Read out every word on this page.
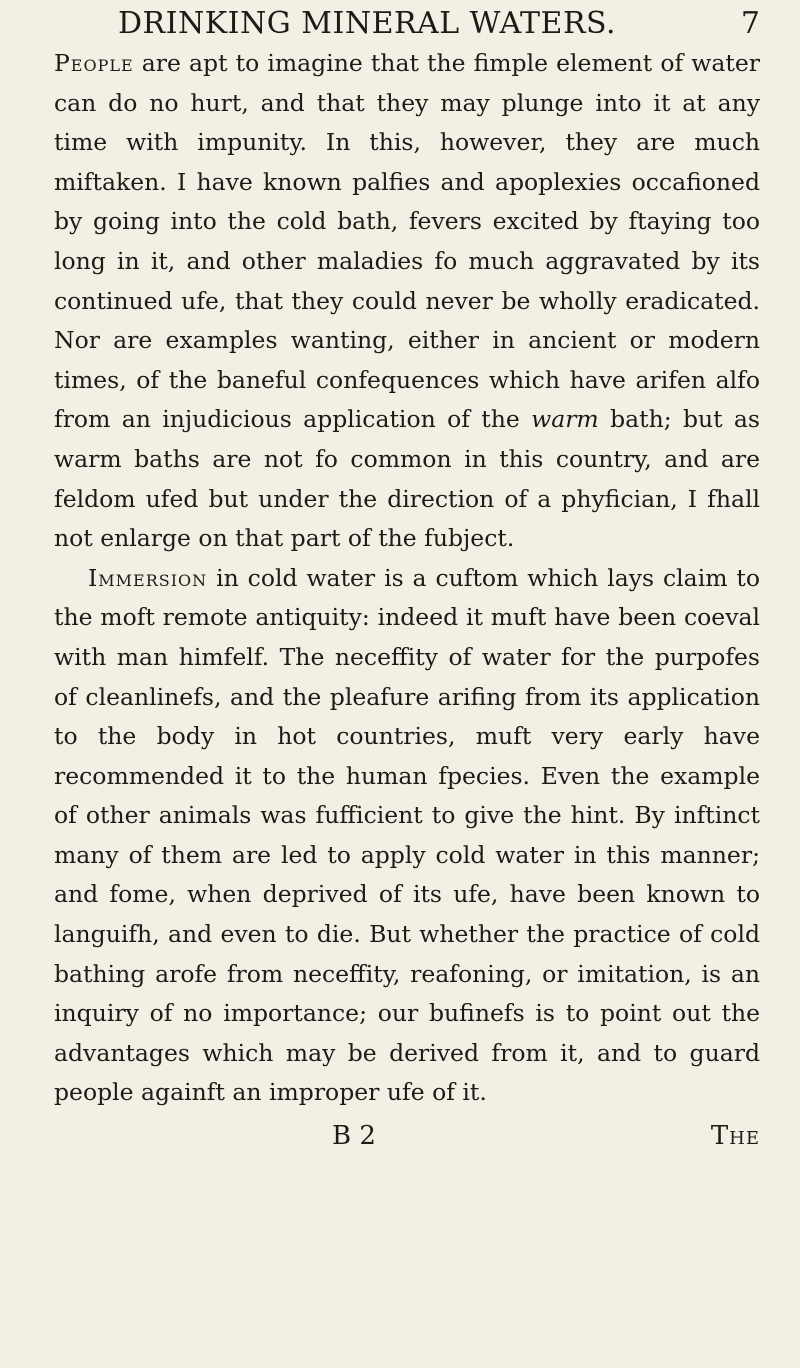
DRINKING MINERAL WATERS.	7

People are apt to imagine that the fimple element of water can do no hurt, and that they may plunge into it at any time with impunity. In this, however, they are much miftaken. I have known palfies and apoplexies occafioned by going into the cold bath, fevers excited by ftaying too long in it, and other maladies fo much aggravated by its continued ufe, that they could never be wholly eradicated. Nor are examples wanting, either in ancient or modern times, of the baneful confequences which have arifen alfo from an injudicious application of the warm bath; but as warm baths are not fo common in this country, and are feldom ufed but under the direction of a phyfician, I fhall not enlarge on that part of the fubject.

Immersion in cold water is a cuftom which lays claim to the moft remote antiquity: indeed it muft have been coeval with man himfelf. The neceffity of water for the purpofes of cleanlinefs, and the pleafure arifing from its application to the body in hot countries, muft very early have recommended it to the human fpecies. Even the example of other animals was fufficient to give the hint. By inftinct many of them are led to apply cold water in this manner; and fome, when deprived of its ufe, have been known to languifh, and even to die. But whether the practice of cold bathing arofe from neceffity, reafoning, or imitation, is an inquiry of no importance; our bufinefs is to point out the advantages which may be derived from it, and to guard people againft an improper ufe of it.

B 2	The
